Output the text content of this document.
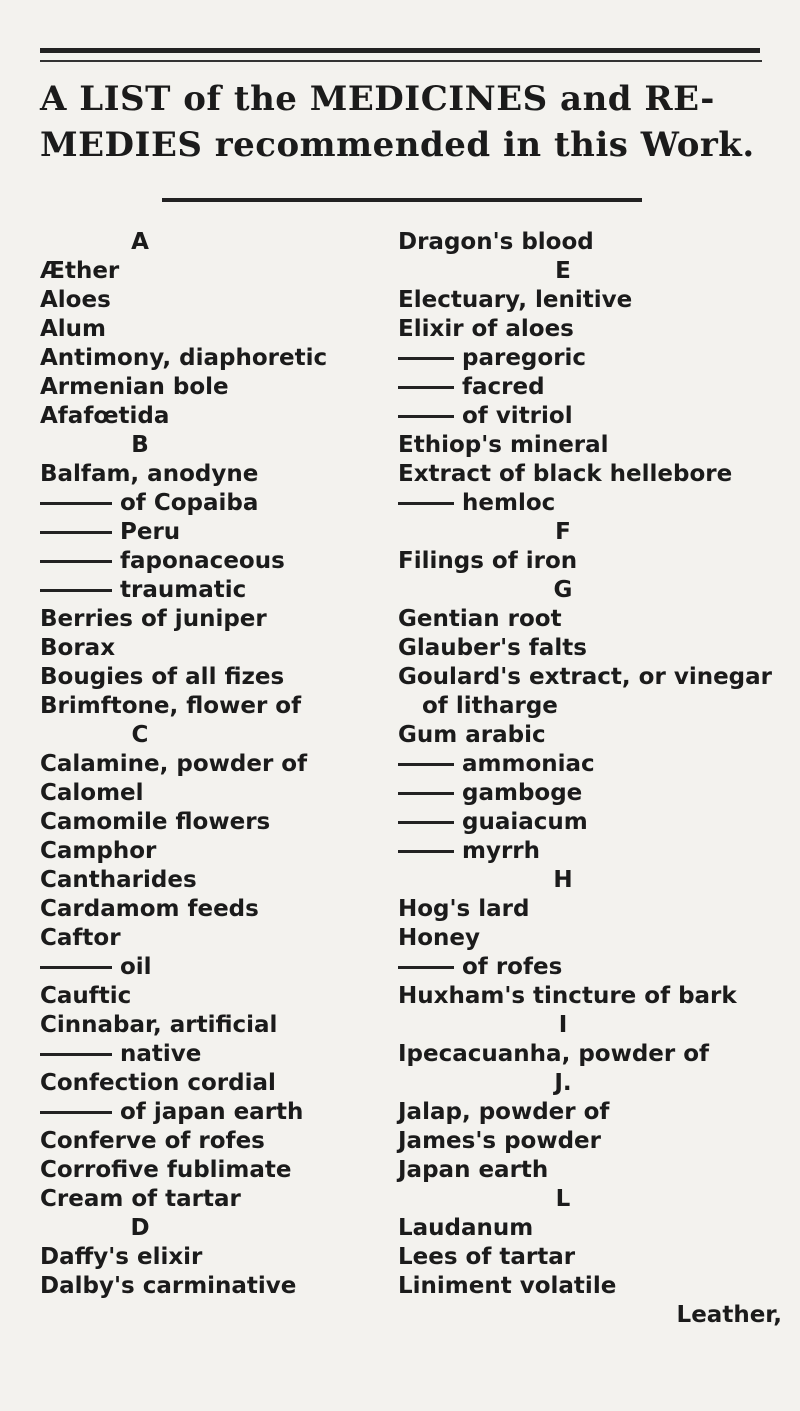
A LIST of the MEDICINES and RE- MEDIES recommended in this Work.
A
Æther
Aloes
Alum
Antimony, diaphoretic
Armenian bole
Afafœtida
B
Balfam, anodyne
of Copaiba
Peru
faponaceous
traumatic
Berries of juniper
Borax
Bougies of all fizes
Brimftone, flower of
C
Calamine, powder of
Calomel
Camomile flowers
Camphor
Cantharides
Cardamom feeds
Caftor
oil
Cauftic
Cinnabar, artificial
native
Confection cordial
of japan earth
Conferve of rofes
Corrofive fublimate
Cream of tartar
D
Daffy's elixir
Dalby's carminative
Dragon's blood
E
Electuary, lenitive
Elixir of aloes
paregoric
facred
of vitriol
Ethiop's mineral
Extract of black hellebore
hemloc
F
Filings of iron
G
Gentian root
Glauber's falts
Goulard's extract, or vinegar
of litharge
Gum arabic
ammoniac
gamboge
guaiacum
myrrh
H
Hog's lard
Honey
of rofes
Huxham's tincture of bark
I
Ipecacuanha, powder of
J.
Jalap, powder of
James's powder
Japan earth
L
Laudanum
Lees of tartar
Liniment volatile
Leather,
